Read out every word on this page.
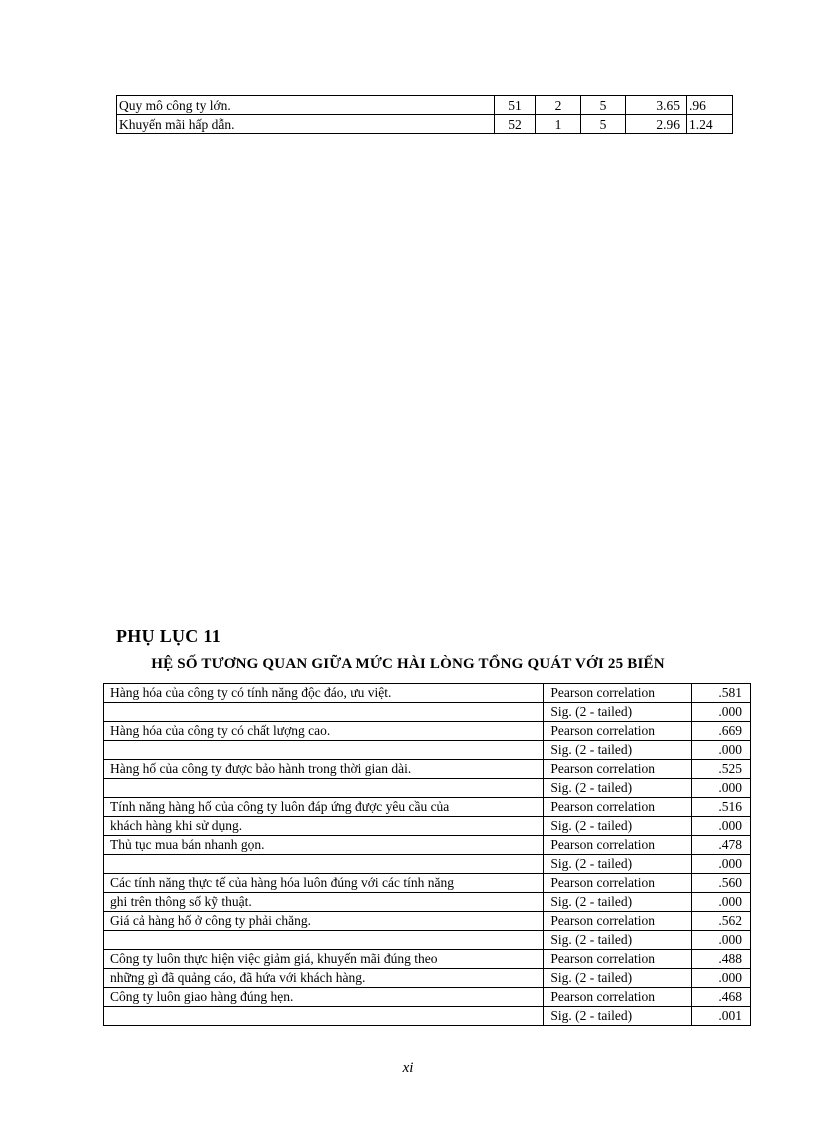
Quy mô công ty lớn.	51	2	5	3.65	.96
Khuyến mãi hấp dẫn.	52	1	5	2.96	1.24
PHỤ LỤC 11
HỆ SỐ TƯƠNG QUAN GIỮA MỨC HÀI LÒNG TỔNG QUÁT VỚI 25 BIẾN
Hàng hóa của công ty có tính năng độc đáo, ưu việt.	Pearson correlation	.581
	Sig. (2 - tailed)	.000
Hàng hóa của công ty có chất lượng cao.	Pearson correlation	.669
	Sig. (2 - tailed)	.000
Hàng hố của công ty được bảo hành trong thời gian dài.	Pearson correlation	.525
	Sig. (2 - tailed)	.000
Tính năng hàng hố của công ty luôn đáp ứng được yêu cầu của	Pearson correlation	.516
khách hàng khi sử dụng.	Sig. (2 - tailed)	.000
Thủ tục mua bán nhanh gọn.	Pearson correlation	.478
	Sig. (2 - tailed)	.000
Các tính năng thực tế của hàng hóa luôn đúng với các tính năng	Pearson correlation	.560
ghi trên thông số kỹ thuật.	Sig. (2 - tailed)	.000
Giá cả hàng hố ở công ty phải chăng.	Pearson correlation	.562
	Sig. (2 - tailed)	.000
Công ty luôn thực hiện việc giảm giá, khuyến mãi đúng theo	Pearson correlation	.488
những gì đã quảng cáo, đã hứa với khách hàng.	Sig. (2 - tailed)	.000
Công ty luôn giao hàng đúng hẹn.	Pearson correlation	.468
	Sig. (2 - tailed)	.001
xi
